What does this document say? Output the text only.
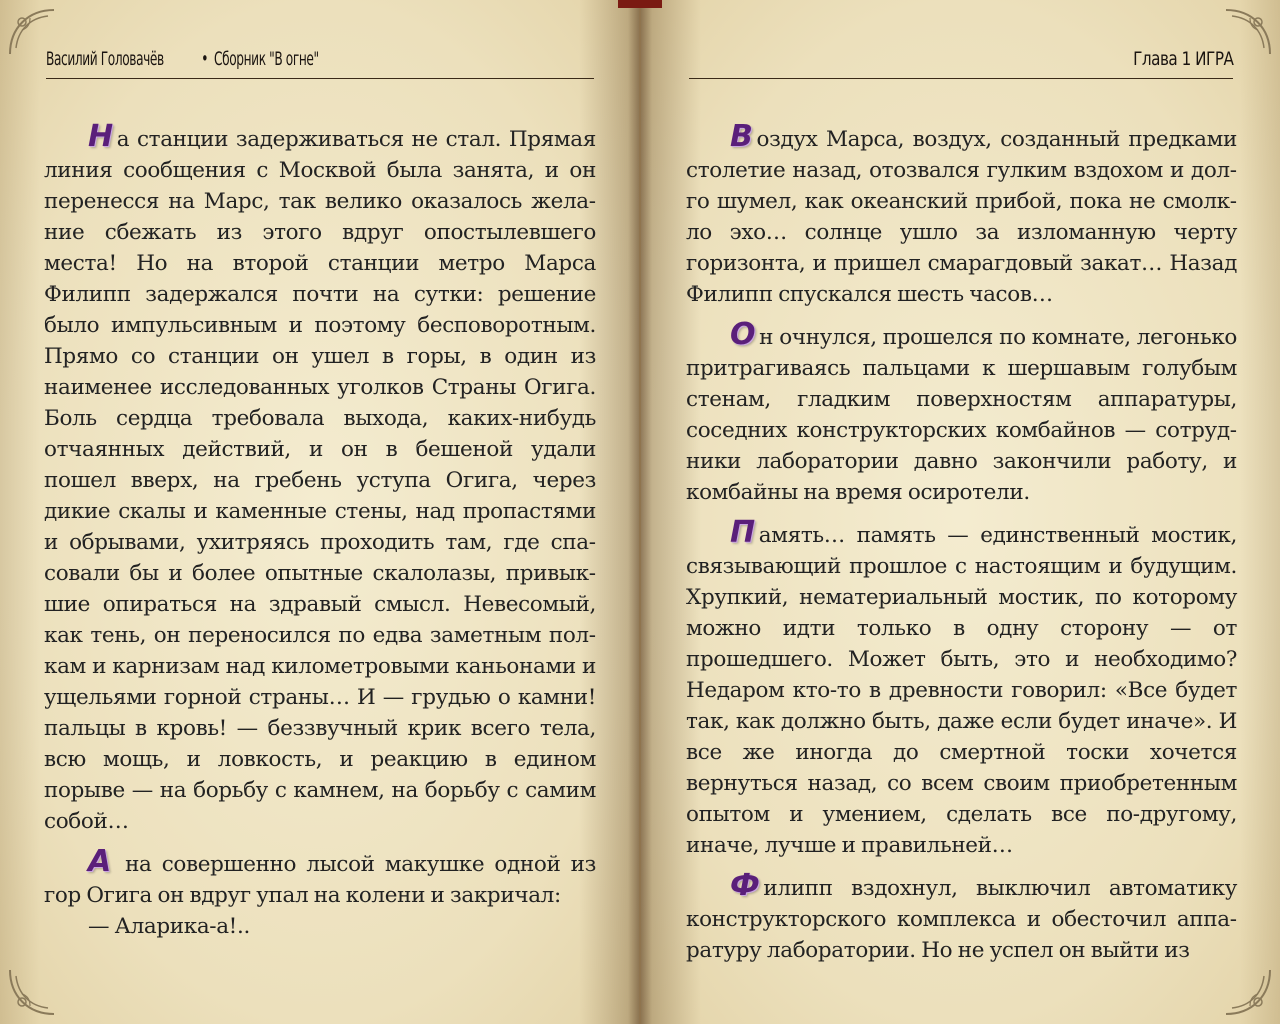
Василий Головачёв • Сборник "В огне"

Н а станции задерживаться не стал. Прямая линия сообщения с Москвой была занята, и он перенесся на Марс, так велико оказалось желание сбежать из этого вдруг опостылевшего места! Но на второй станции метро Марса Филипп задержался почти на сутки: решение было импульсивным и поэтому бесповоротным. Прямо со станции он ушел в горы, в один из наименее исследованных уголков Страны Огига. Боль сердца требовала выхода, каких-нибудь отчаянных действий, и он в бешеной удали пошел вверх, на гребень уступа Огига, через дикие скалы и каменные стены, над пропастями и обрывами, ухитряясь проходить там, где спасовали бы и более опытные скалолазы, привыкшие опираться на здравый смысл. Невесомый, как тень, он переносился по едва заметным полкам и карнизам над километровыми каньонами и ущельями горной страны… И — грудью о камни! пальцы в кровь! — беззвучный крик всего тела, всю мощь, и ловкость, и реакцию в едином порыве — на борьбу с камнем, на борьбу с самим собой…

А на совершенно лысой макушке одной из гор Огига он вдруг упал на колени и закричал:

— Аларика-а!..

Глава 1 ИГРА

В оздух Марса, воздух, созданный предками столетие назад, отозвался гулким вздохом и долго шумел, как океанский прибой, пока не смолкло эхо… солнце ушло за изломанную черту горизонта, и пришел смарагдовый закат… Назад Филипп спускался шесть часов…

О н очнулся, прошелся по комнате, легонько притрагиваясь пальцами к шершавым голубым стенам, гладким поверхностям аппаратуры, соседних конструкторских комбайнов — сотрудники лаборатории давно закончили работу, и комбайны на время осиротели.

П амять… память — единственный мостик, связывающий прошлое с настоящим и будущим. Хрупкий, нематериальный мостик, по которому можно идти только в одну сторону — от прошедшего. Может быть, это и необходимо? Недаром кто-то в древности говорил: «Все будет так, как должно быть, даже если будет иначе». И все же иногда до смертной тоски хочется вернуться назад, со всем своим приобретенным опытом и умением, сделать все по-другому, иначе, лучше и правильней…

Ф илипп вздохнул, выключил автоматику конструкторского комплекса и обесточил аппаратуру лаборатории. Но не успел он выйти из
